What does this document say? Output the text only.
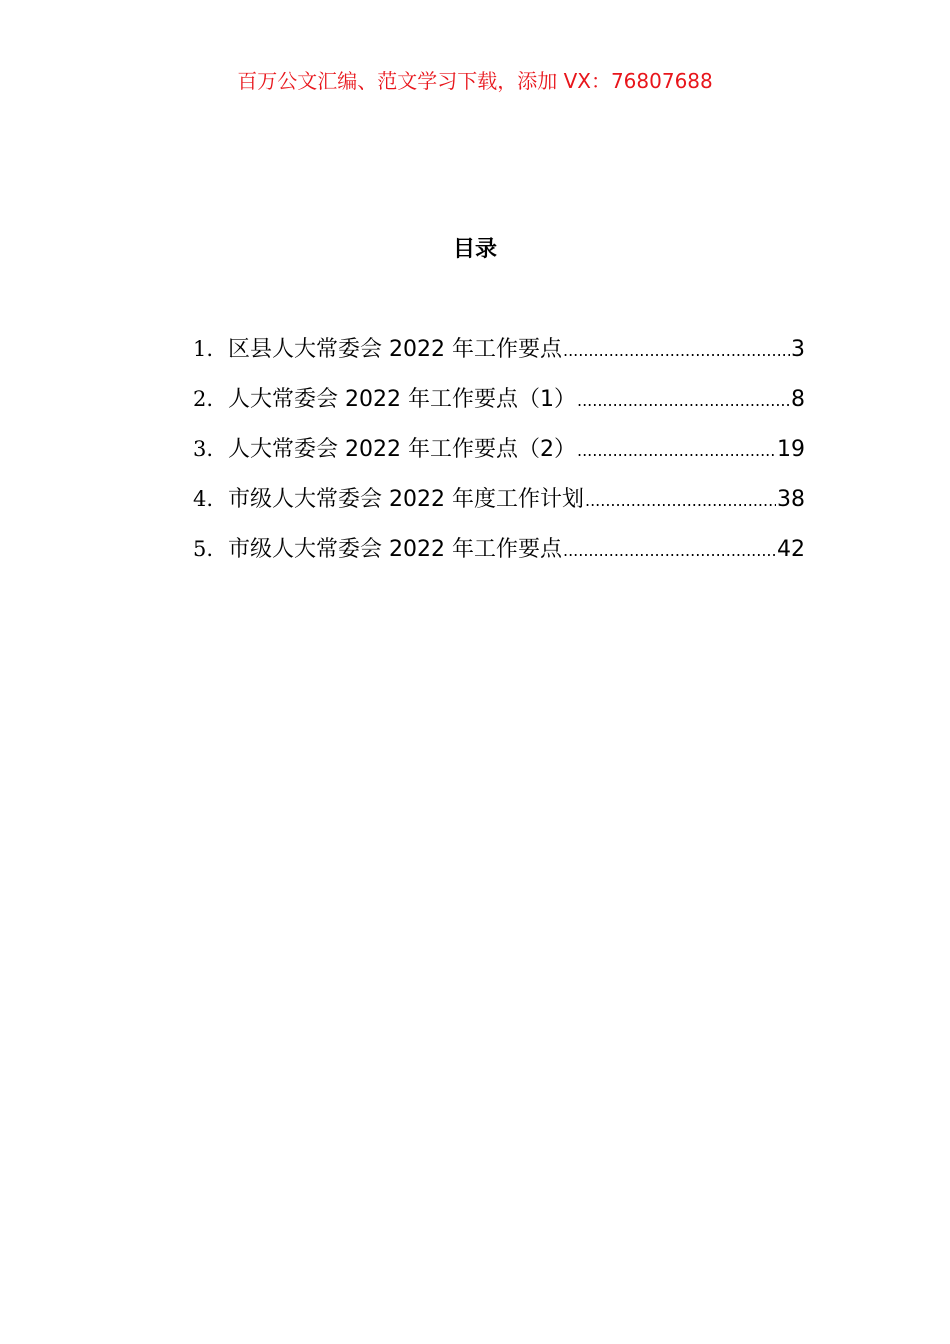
百万公文汇编、范文学习下载，添加 VX：76807688
目录
1. 区县人大常委会 2022 年工作要点 .....	3
2. 人大常委会 2022 年工作要点（1） .....	8
3. 人大常委会 2022 年工作要点（2） .....	19
4. 市级人大常委会 2022 年度工作计划 .....	38
5. 市级人大常委会 2022 年工作要点 .....	42
